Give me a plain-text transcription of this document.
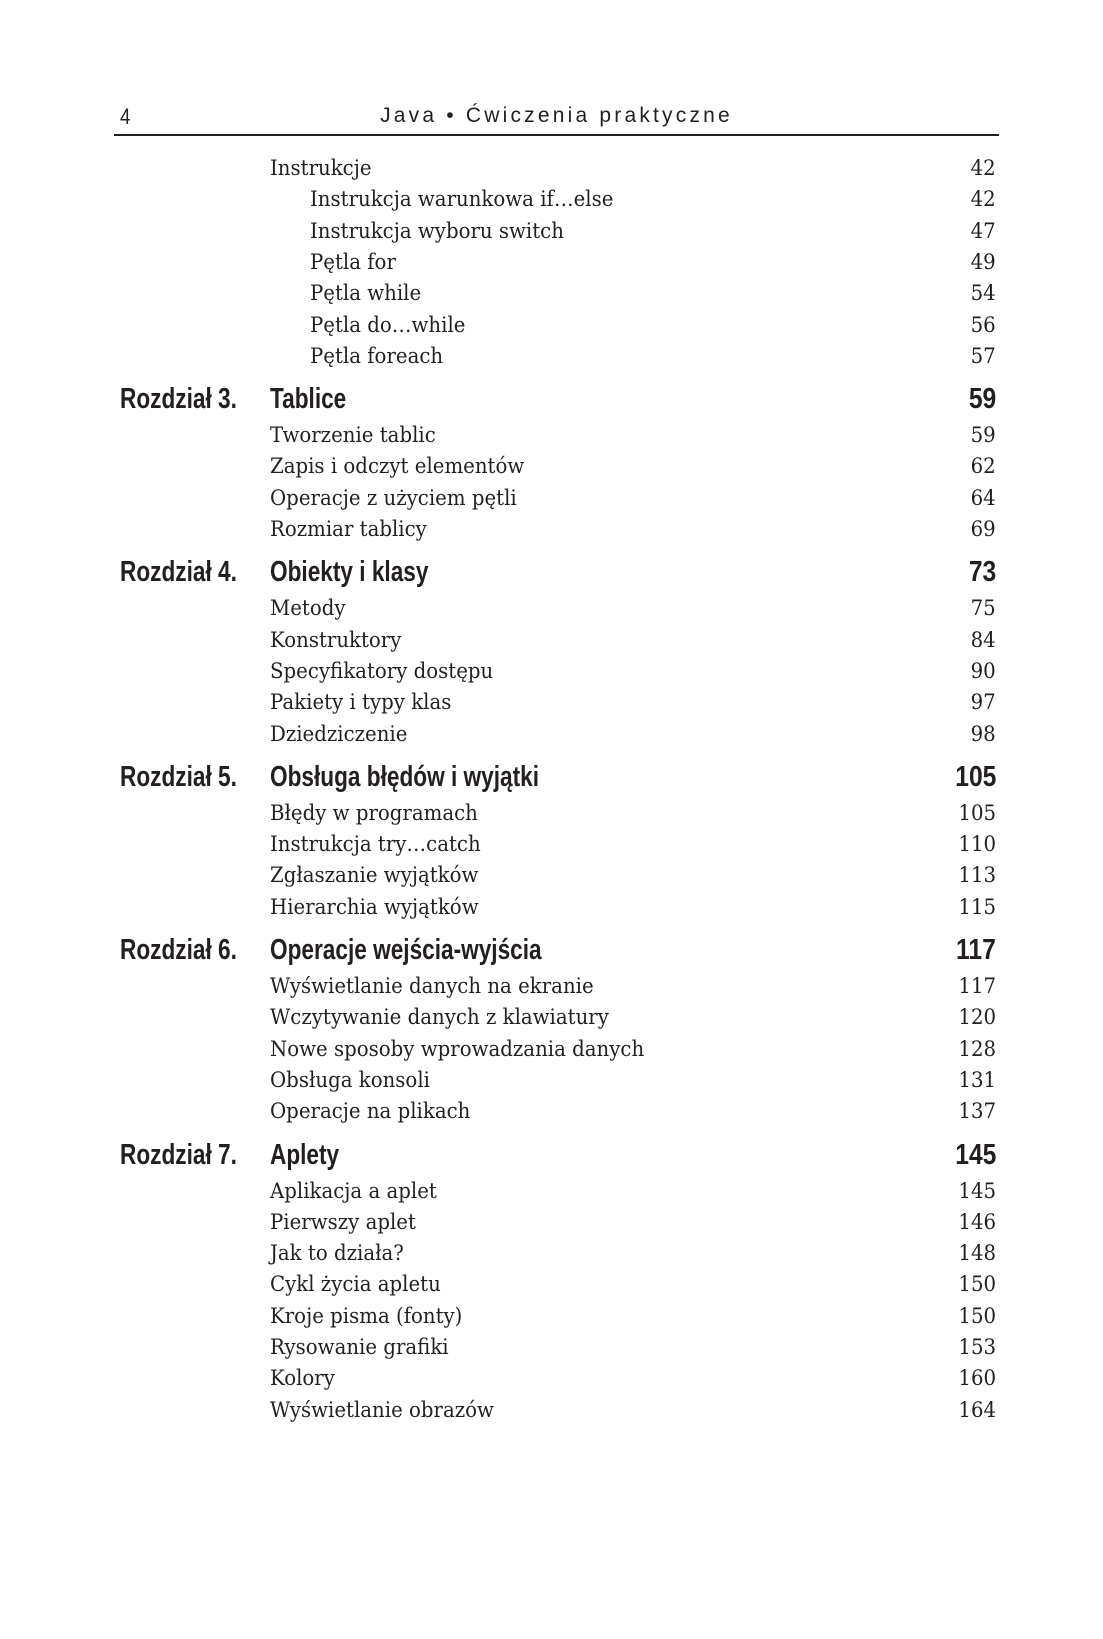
4	Java • Ćwiczenia praktyczne
Instrukcje	42
Instrukcja warunkowa if…else	42
Instrukcja wyboru switch	47
Pętla for	49
Pętla while	54
Pętla do…while	56
Pętla foreach	57
Rozdział 3. Tablice	59
Tworzenie tablic	59
Zapis i odczyt elementów	62
Operacje z użyciem pętli	64
Rozmiar tablicy	69
Rozdział 4. Obiekty i klasy	73
Metody	75
Konstruktory	84
Specyfikatory dostępu	90
Pakiety i typy klas	97
Dziedziczenie	98
Rozdział 5. Obsługa błędów i wyjątki	105
Błędy w programach	105
Instrukcja try…catch	110
Zgłaszanie wyjątków	113
Hierarchia wyjątków	115
Rozdział 6. Operacje wejścia-wyjścia	117
Wyświetlanie danych na ekranie	117
Wczytywanie danych z klawiatury	120
Nowe sposoby wprowadzania danych	128
Obsługa konsoli	131
Operacje na plikach	137
Rozdział 7. Aplety	145
Aplikacja a aplet	145
Pierwszy aplet	146
Jak to działa?	148
Cykl życia apletu	150
Kroje pisma (fonty)	150
Rysowanie grafiki	153
Kolory	160
Wyświetlanie obrazów	164
